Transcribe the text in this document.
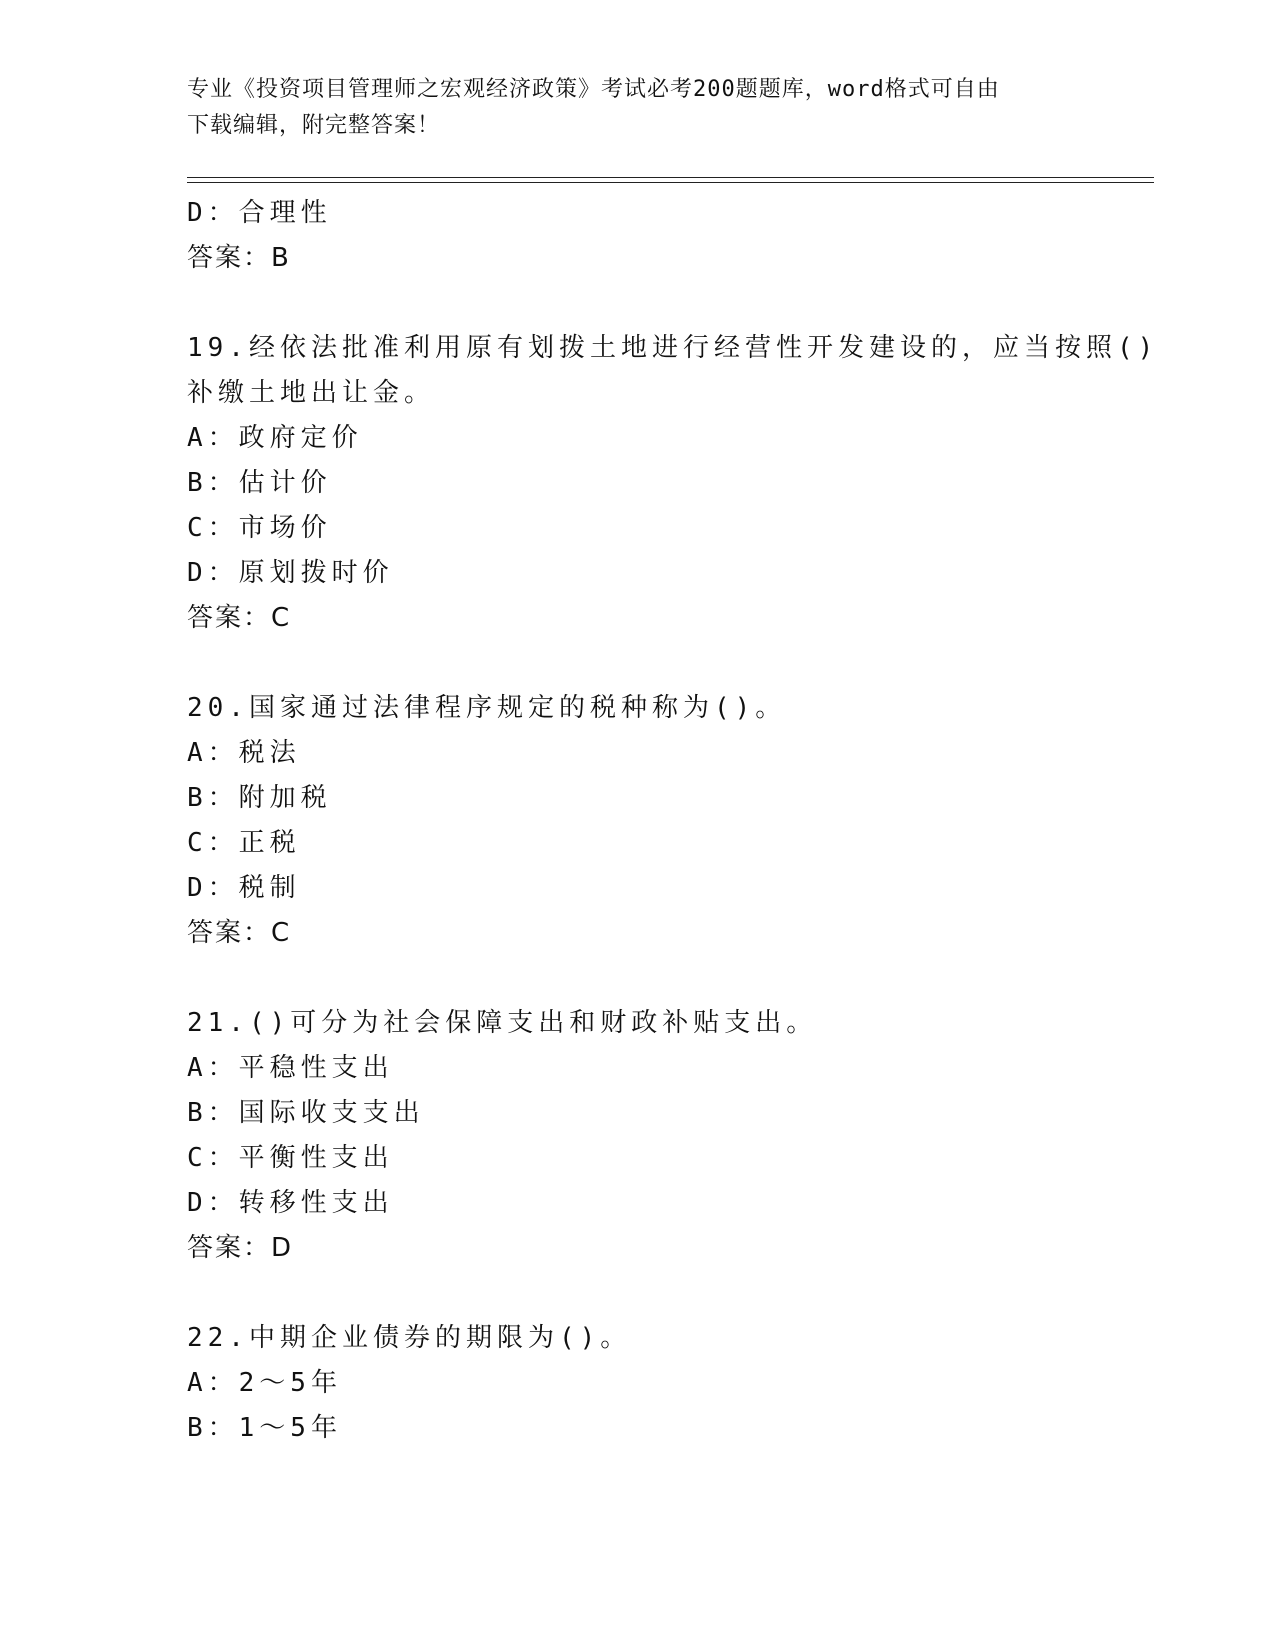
专业《投资项目管理师之宏观经济政策》考试必考200题题库，word格式可自由
下载编辑，附完整答案！
D：合理性
答案：B
19.经依法批准利用原有划拨土地进行经营性开发建设的，应当按照()
补缴土地出让金。
A：政府定价
B：估计价
C：市场价
D：原划拨时价
答案：C
20.国家通过法律程序规定的税种称为()。
A：税法
B：附加税
C：正税
D：税制
答案：C
21.()可分为社会保障支出和财政补贴支出。
A：平稳性支出
B：国际收支支出
C：平衡性支出
D：转移性支出
答案：D
22.中期企业债券的期限为()。
A：2～5年
B：1～5年
